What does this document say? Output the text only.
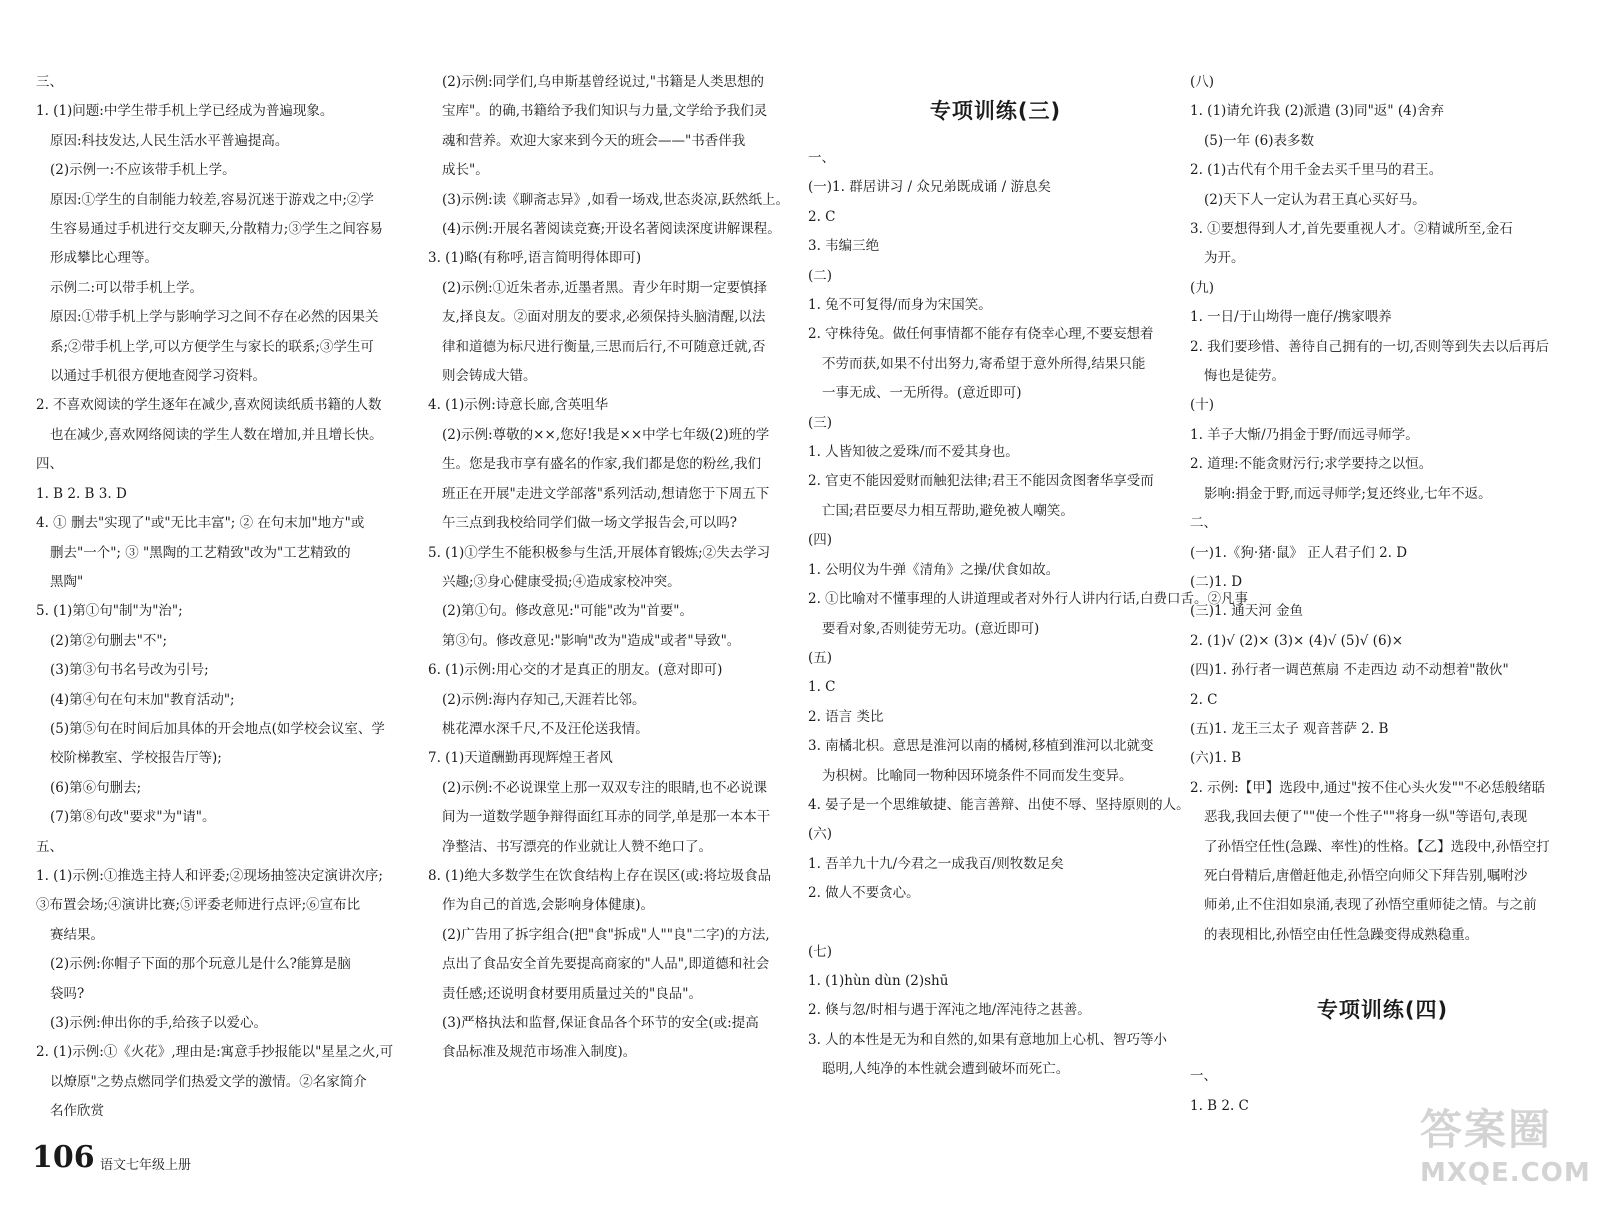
三、
1. (1)问题:中学生带手机上学已经成为普遍现象。
原因:科技发达,人民生活水平普遍提高。
(2)示例一:不应该带手机上学。
原因:①学生的自制能力较差,容易沉迷于游戏之中;②学
生容易通过手机进行交友聊天,分散精力;③学生之间容易
形成攀比心理等。
示例二:可以带手机上学。
原因:①带手机上学与影响学习之间不存在必然的因果关
系;②带手机上学,可以方便学生与家长的联系;③学生可
以通过手机很方便地查阅学习资料。
2. 不喜欢阅读的学生逐年在减少,喜欢阅读纸质书籍的人数
也在减少,喜欢网络阅读的学生人数在增加,并且增长快。
四、
1. B 2. B 3. D
4. ① 删去"实现了"或"无比丰富"; ② 在句末加"地方"或
删去"一个"; ③ "黑陶的工艺精致"改为"工艺精致的
黑陶"
5. (1)第①句"制"为"治";
(2)第②句删去"不";
(3)第③句书名号改为引号;
(4)第④句在句末加"教育活动";
(5)第⑤句在时间后加具体的开会地点(如学校会议室、学
校阶梯教室、学校报告厅等);
(6)第⑥句删去;
(7)第⑧句改"要求"为"请"。
五、
1. (1)示例:①推选主持人和评委;②现场抽签决定演讲次序;
③布置会场;④演讲比赛;⑤评委老师进行点评;⑥宣布比
赛结果。
(2)示例:你帽子下面的那个玩意儿是什么?能算是脑
袋吗?
(3)示例:伸出你的手,给孩子以爱心。
2. (1)示例:①《火花》,理由是:寓意手抄报能以"星星之火,可
以燎原"之势点燃同学们热爱文学的激情。②名家简介
名作欣赏
(2)示例:同学们,乌申斯基曾经说过,"书籍是人类思想的
宝库"。的确,书籍给予我们知识与力量,文学给予我们灵
魂和营养。欢迎大家来到今天的班会——"书香伴我
成长"。
(3)示例:读《聊斋志异》,如看一场戏,世态炎凉,跃然纸上。
(4)示例:开展名著阅读竞赛;开设名著阅读深度讲解课程。
3. (1)略(有称呼,语言简明得体即可)
(2)示例:①近朱者赤,近墨者黑。青少年时期一定要慎择
友,择良友。②面对朋友的要求,必须保持头脑清醒,以法
律和道德为标尺进行衡量,三思而后行,不可随意迁就,否
则会铸成大错。
4. (1)示例:诗意长廊,含英咀华
(2)示例:尊敬的××,您好!我是××中学七年级(2)班的学
生。您是我市享有盛名的作家,我们都是您的粉丝,我们
班正在开展"走进文学部落"系列活动,想请您于下周五下
午三点到我校给同学们做一场文学报告会,可以吗?
5. (1)①学生不能积极参与生活,开展体育锻炼;②失去学习
兴趣;③身心健康受损;④造成家校冲突。
(2)第①句。修改意见:"可能"改为"首要"。
第③句。修改意见:"影响"改为"造成"或者"导致"。
6. (1)示例:用心交的才是真正的朋友。(意对即可)
(2)示例:海内存知己,天涯若比邻。
桃花潭水深千尺,不及汪伦送我情。
7. (1)天道酬勤再现辉煌王者风
(2)示例:不必说课堂上那一双双专注的眼睛,也不必说课
间为一道数学题争辩得面红耳赤的同学,单是那一本本干
净整洁、书写漂亮的作业就让人赞不绝口了。
8. (1)绝大多数学生在饮食结构上存在误区(或:将垃圾食品
作为自己的首选,会影响身体健康)。
(2)广告用了拆字组合(把"食"拆成"人""良"二字)的方法,
点出了食品安全首先要提高商家的"人品",即道德和社会
责任感;还说明食材要用质量过关的"良品"。
(3)严格执法和监督,保证食品各个环节的安全(或:提高
食品标准及规范市场准入制度)。
专项训练(三)
一、
(一)1. 群居讲习 / 众兄弟既成诵 / 游息矣
2. C
3. 韦编三绝
(二)
1. 兔不可复得/而身为宋国笑。
2. 守株待兔。做任何事情都不能存有侥幸心理,不要妄想着
不劳而获,如果不付出努力,寄希望于意外所得,结果只能
一事无成、一无所得。(意近即可)
(三)
1. 人皆知彼之爱珠/而不爱其身也。
2. 官吏不能因爱财而触犯法律;君王不能因贪图奢华享受而
亡国;君臣要尽力相互帮助,避免被人嘲笑。
(四)
1. 公明仪为牛弹《清角》之操/伏食如故。
2. ①比喻对不懂事理的人讲道理或者对外行人讲内行话,白费口舌。②凡事
要看对象,否则徒劳无功。(意近即可)
(五)
1. C
2. 语言 类比
3. 南橘北枳。意思是淮河以南的橘树,移植到淮河以北就变
为枳树。比喻同一物种因环境条件不同而发生变异。
4. 晏子是一个思维敏捷、能言善辩、出使不辱、坚持原则的人。
(六)
1. 吾羊九十九/今君之一成我百/则牧数足矣
2. 做人不要贪心。
(七)
1. (1)hùn dùn (2)shū
2. 倏与忽/时相与遇于浑沌之地/浑沌待之甚善。
3. 人的本性是无为和自然的,如果有意地加上心机、智巧等小
聪明,人纯净的本性就会遭到破坏而死亡。
(八)
1. (1)请允许我 (2)派遣 (3)同"返" (4)舍弃
(5)一年 (6)表多数
2. (1)古代有个用千金去买千里马的君王。
(2)天下人一定认为君王真心买好马。
3. ①要想得到人才,首先要重视人才。②精诚所至,金石
为开。
(九)
1. 一日/于山坳得一鹿仔/携家喂养
2. 我们要珍惜、善待自己拥有的一切,否则等到失去以后再后
悔也是徒劳。
(十)
1. 羊子大惭/乃捐金于野/而远寻师学。
2. 道理:不能贪财污行;求学要持之以恒。
影响:捐金于野,而远寻师学;复还终业,七年不返。
二、
(一)1.《狗·猪·鼠》 正人君子们 2. D
(二)1. D
(三)1. 通天河 金鱼
2. (1)√ (2)× (3)× (4)√ (5)√ (6)×
(四)1. 孙行者一调芭蕉扇 不走西边 动不动想着"散伙"
2. C
(五)1. 龙王三太子 观音菩萨 2. B
(六)1. B
2. 示例:【甲】选段中,通过"按不住心头火发""不必恁般绪聒
恶我,我回去便了""使一个性子""将身一纵"等语句,表现
了孙悟空任性(急躁、率性)的性格。【乙】选段中,孙悟空打
死白骨精后,唐僧赶他走,孙悟空向师父下拜告别,嘱咐沙
师弟,止不住泪如泉涌,表现了孙悟空重师徒之情。与之前
的表现相比,孙悟空由任性急躁变得成熟稳重。
专项训练(四)
一、
1. B 2. C
106 语文七年级上册
答案圈
MXQE.COM
